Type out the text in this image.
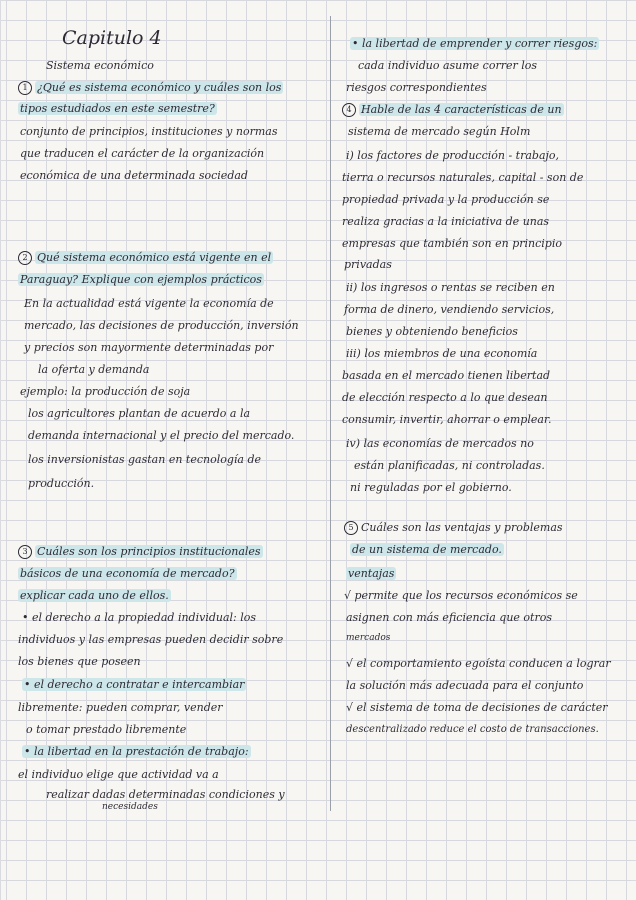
Capitulo 4
Sistema económico
1 ¿Qué es sistema económico y cuáles son los
tipos estudiados en este semestre?
conjunto de principios, instituciones y normas
que traducen el carácter de la organización
económica de una determinada sociedad
2 Qué sistema económico está vigente en el
Paraguay? Explique con ejemplos prácticos
En la actualidad está vigente la economía de
mercado, las decisiones de producción, inversión
y precios son mayormente determinadas por
la oferta y demanda
ejemplo: la producción de soja
los agricultores plantan de acuerdo a la
demanda internacional y el precio del mercado.
los inversionistas gastan en tecnología de
producción.
3 Cuáles son los principios institucionales
básicos de una economía de mercado?
explicar cada uno de ellos.
• el derecho a la propiedad individual: los
individuos y las empresas pueden decidir sobre
los bienes que poseen
• el derecho a contratar e intercambiar
libremente: pueden comprar, vender
o tomar prestado libremente
• la libertad en la prestación de trabajo:
el individuo elige que actividad va a
realizar dadas determinadas condiciones y
necesidades
• la libertad de emprender y correr riesgos:
cada individuo asume correr los
riesgos correspondientes
4 Hable de las 4 características de un
sistema de mercado según Holm
i) los factores de producción - trabajo,
tierra o recursos naturales, capital - son de
propiedad privada y la producción se
realiza gracias a la iniciativa de unas
empresas que también son en principio
privadas
ii) los ingresos o rentas se reciben en
forma de dinero, vendiendo servicios,
bienes y obteniendo beneficios
iii) los miembros de una economía
basada en el mercado tienen libertad
de elección respecto a lo que desean
consumir, invertir, ahorrar o emplear.
iv) las economías de mercados no
están planificadas, ni controladas.
ni reguladas por el gobierno.
5 Cuáles son las ventajas y problemas
de un sistema de mercado.
ventajas
√ permite que los recursos económicos se
asignen con más eficiencia que otros
mercados
√ el comportamiento egoísta conducen a lograr
la solución más adecuada para el conjunto
√ el sistema de toma de decisiones de carácter
descentralizado reduce el costo de transacciones.
